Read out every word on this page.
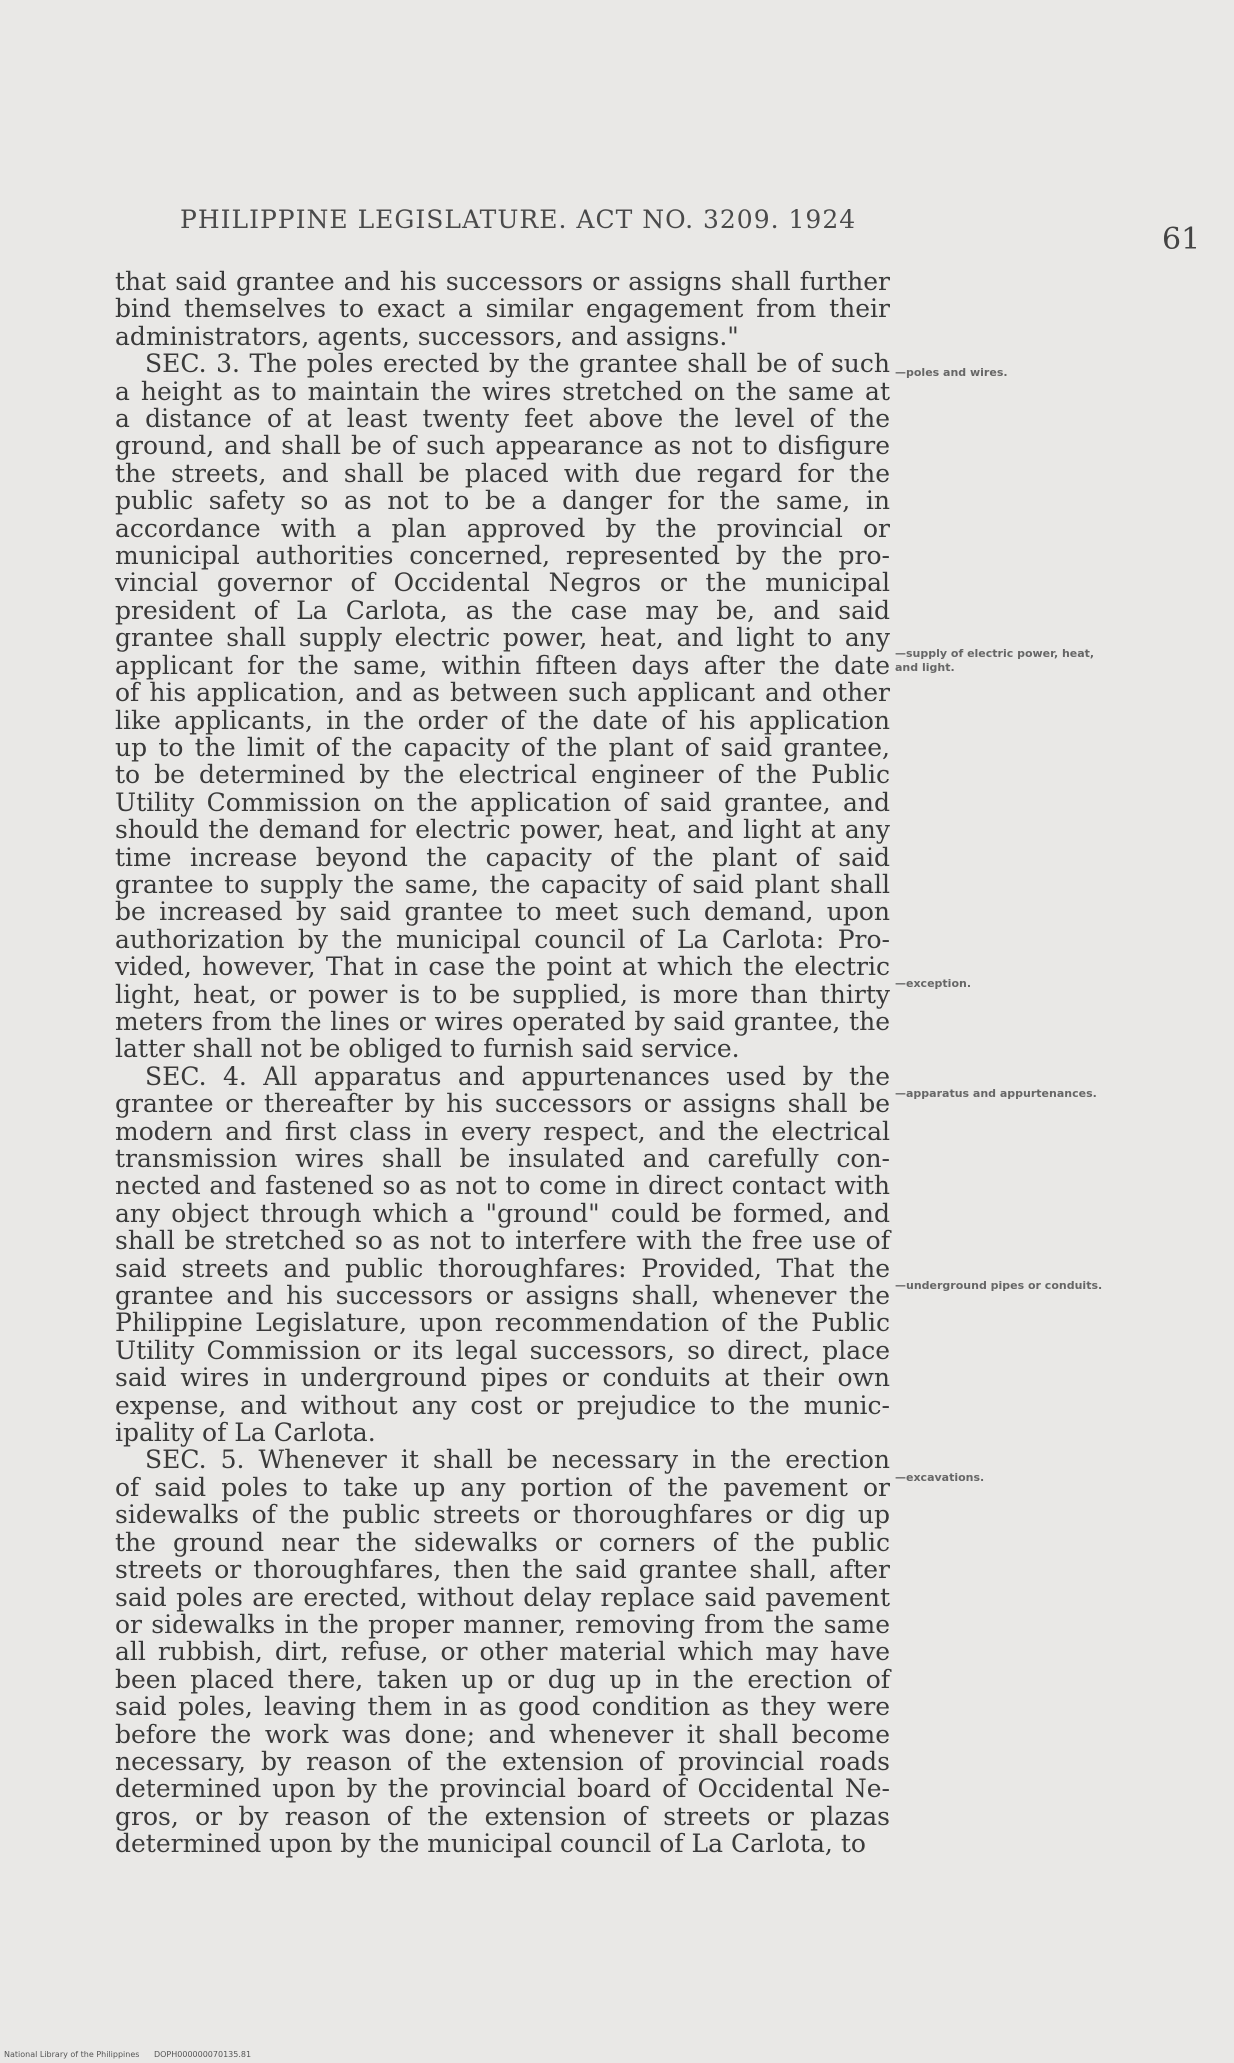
PHILIPPINE LEGISLATURE. ACT NO. 3209. 1924
61
that said grantee and his successors or assigns shall further
bind themselves to exact a similar engagement from their
administrators, agents, successors, and assigns."
SEC. 3. The poles erected by the grantee shall be of such
a height as to maintain the wires stretched on the same at
a distance of at least twenty feet above the level of the
ground, and shall be of such appearance as not to disfigure
the streets, and shall be placed with due regard for the
public safety so as not to be a danger for the same, in
accordance with a plan approved by the provincial or
municipal authorities concerned, represented by the pro-
vincial governor of Occidental Negros or the municipal
president of La Carlota, as the case may be, and said
grantee shall supply electric power, heat, and light to any
applicant for the same, within fifteen days after the date
of his application, and as between such applicant and other
like applicants, in the order of the date of his application
up to the limit of the capacity of the plant of said grantee,
to be determined by the electrical engineer of the Public
Utility Commission on the application of said grantee, and
should the demand for electric power, heat, and light at any
time increase beyond the capacity of the plant of said
grantee to supply the same, the capacity of said plant shall
be increased by said grantee to meet such demand, upon
authorization by the municipal council of La Carlota: Pro-
vided, however, That in case the point at which the electric
light, heat, or power is to be supplied, is more than thirty
meters from the lines or wires operated by said grantee, the
latter shall not be obliged to furnish said service.
SEC. 4. All apparatus and appurtenances used by the
grantee or thereafter by his successors or assigns shall be
modern and first class in every respect, and the electrical
transmission wires shall be insulated and carefully con-
nected and fastened so as not to come in direct contact with
any object through which a "ground" could be formed, and
shall be stretched so as not to interfere with the free use of
said streets and public thoroughfares: Provided, That the
grantee and his successors or assigns shall, whenever the
Philippine Legislature, upon recommendation of the Public
Utility Commission or its legal successors, so direct, place
said wires in underground pipes or conduits at their own
expense, and without any cost or prejudice to the munic-
ipality of La Carlota.
SEC. 5. Whenever it shall be necessary in the erection
of said poles to take up any portion of the pavement or
sidewalks of the public streets or thoroughfares or dig up
the ground near the sidewalks or corners of the public
streets or thoroughfares, then the said grantee shall, after
said poles are erected, without delay replace said pavement
or sidewalks in the proper manner, removing from the same
all rubbish, dirt, refuse, or other material which may have
been placed there, taken up or dug up in the erection of
said poles, leaving them in as good condition as they were
before the work was done; and whenever it shall become
necessary, by reason of the extension of provincial roads
determined upon by the provincial board of Occidental Ne-
gros, or by reason of the extension of streets or plazas
determined upon by the municipal council of La Carlota, to
—poles and wires.
—supply of electric power, heat, and light.
—exception.
—apparatus and appurtenances.
—underground pipes or conduits.
—excavations.
National Library of the Philippines DOPH000000070135.81
